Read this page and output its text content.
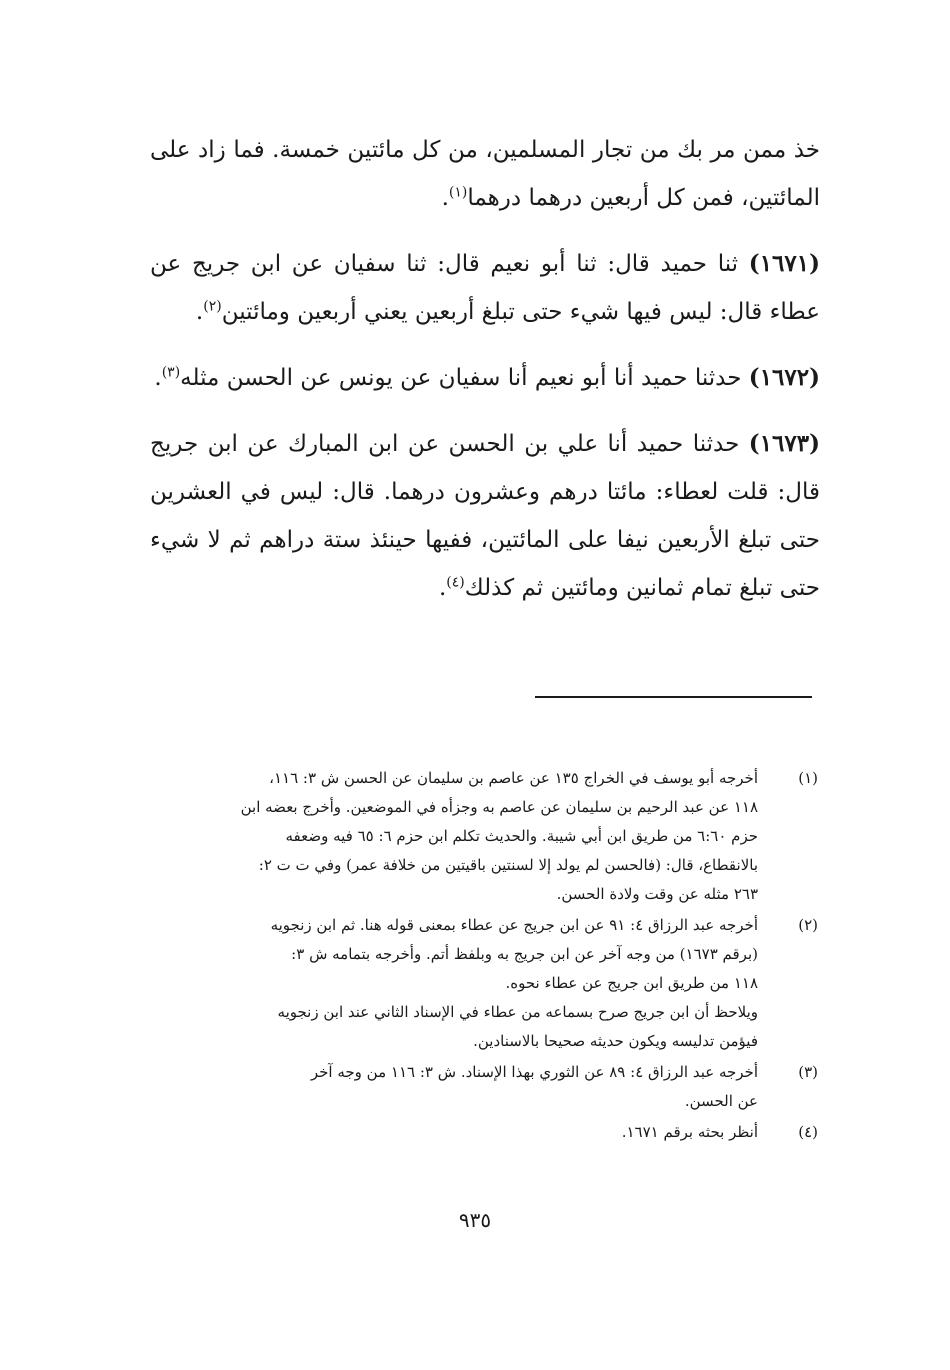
خذ ممن مر بك من تجار المسلمين، من كل مائتين خمسة. فما زاد على المائتين، فمن كل أربعين درهما درهما$^{(١)}$.

(١٦٧١) ثنا حميد قال: ثنا أبو نعيم قال: ثنا سفيان عن ابن جريج عن عطاء قال: ليس فيها شيء حتى تبلغ أربعين يعني أربعين ومائتين$^{(٢)}$.

(١٦٧٢) حدثنا حميد أنا أبو نعيم أنا سفيان عن يونس عن الحسن مثله$^{(٣)}$.

(١٦٧٣) حدثنا حميد أنا علي بن الحسن عن ابن المبارك عن ابن جريج قال: قلت لعطاء: مائتا درهم وعشرون درهما. قال: ليس في العشرين حتى تبلغ الأربعين نيفا على المائتين، ففيها حينئذ ستة دراهم ثم لا شيء حتى تبلغ تمام ثمانين ومائتين ثم كذلك$^{(٤)}$.

(١)
أخرجه أبو يوسف في الخراج ١٣٥ عن عاصم بن سليمان عن الحسن ش ٣: ١١٦،
١١٨ عن عبد الرحيم بن سليمان عن عاصم به وجزأه في الموضعين. وأخرج بعضه ابن
حزم ٦:٦٠ من طريق ابن أبي شيبة. والحديث تكلم ابن حزم ٦: ٦٥ فيه وضعفه
بالانقطاع، قال: (فالحسن لم يولد إلا لسنتين باقيتين من خلافة عمر) وفي ت ت ٢:
٢٦٣ مثله عن وقت ولادة الحسن.
(٢)
أخرجه عبد الرزاق ٤: ٩١ عن ابن جريج عن عطاء بمعنى قوله هنا. ثم ابن زنجويه
(برقم ١٦٧٣) من وجه آخر عن ابن جريج به وبلفظ أتم. وأخرجه بتمامه ش ٣:
١١٨ من طريق ابن جريج عن عطاء نحوه.
ويلاحظ أن ابن جريج صرح بسماعه من عطاء في الإسناد الثاني عند ابن زنجويه
فيؤمن تدليسه ويكون حديثه صحيحا بالاسنادين.
(٣)
أخرجه عبد الرزاق ٤: ٨٩ عن الثوري بهذا الإسناد. ش ٣: ١١٦ من وجه آخر
عن الحسن.
(٤)
أنظر بحثه برقم ١٦٧١.
٩٣٥
